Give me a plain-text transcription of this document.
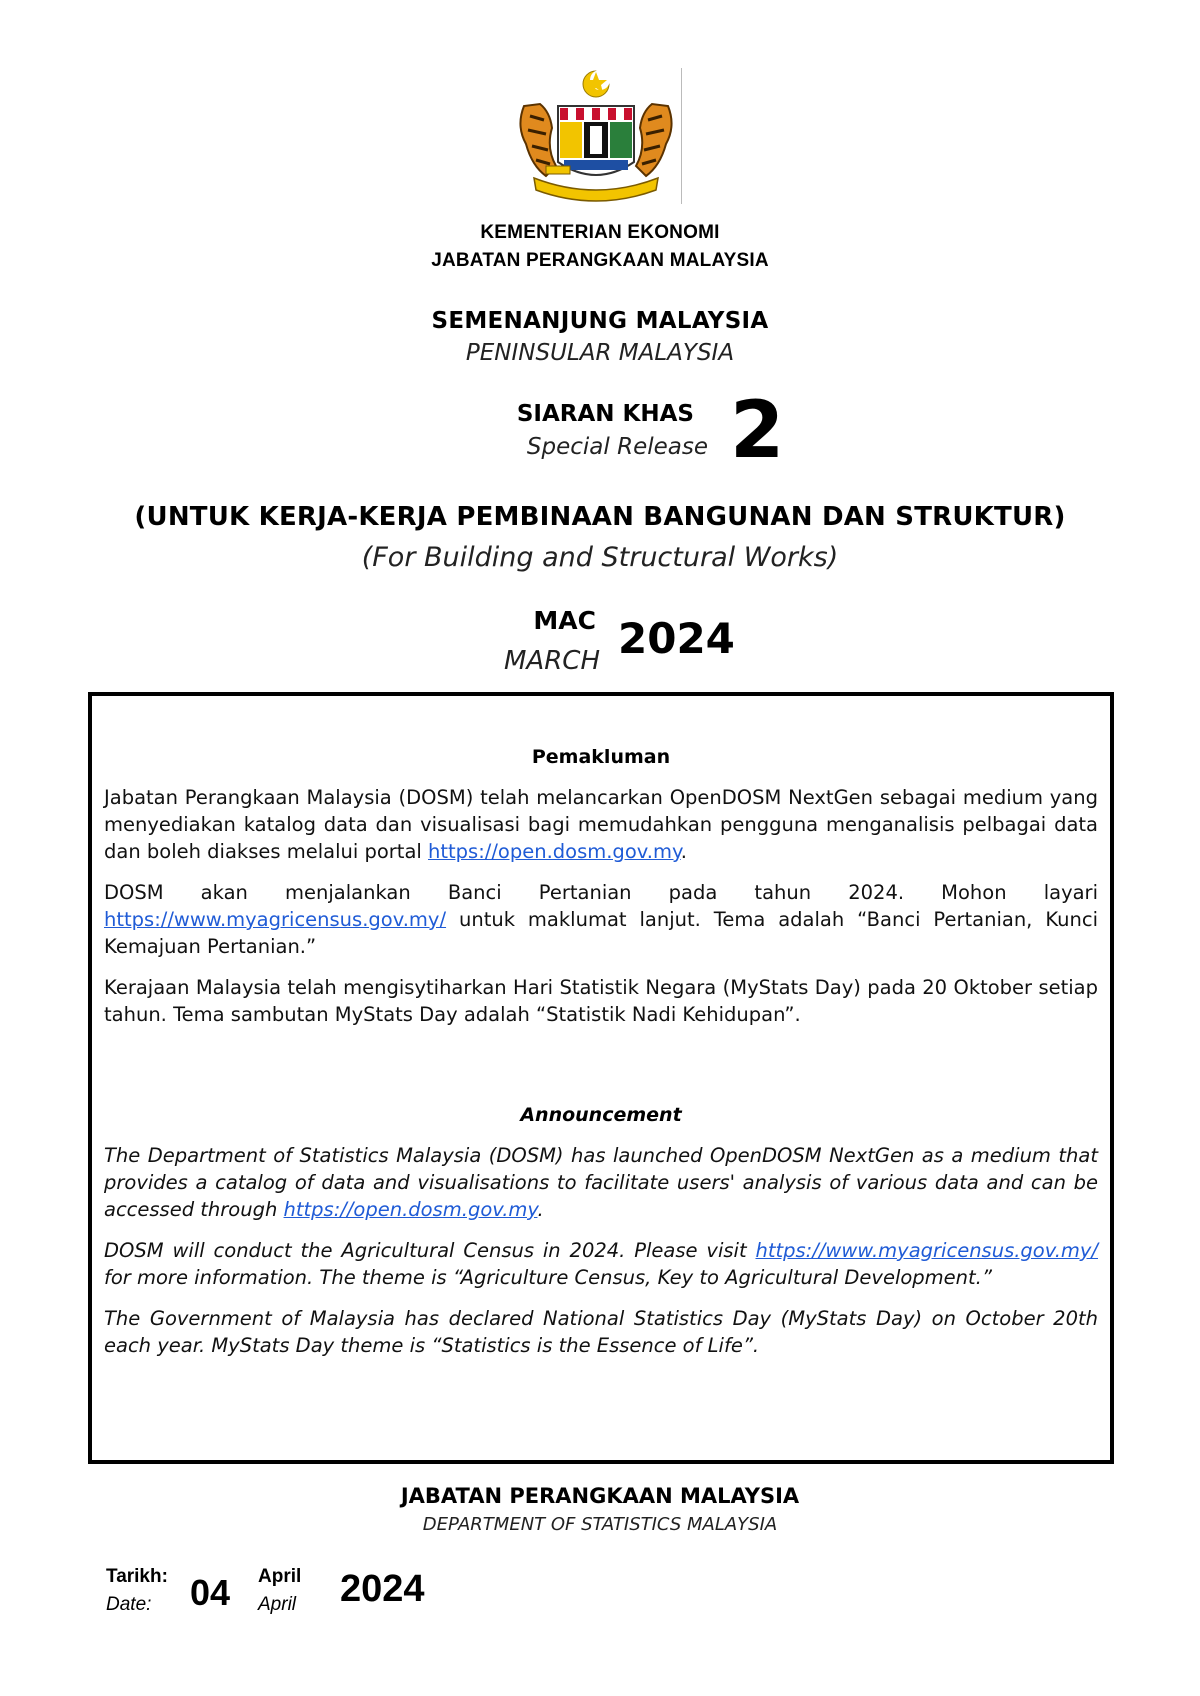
KEMENTERIAN EKONOMI
JABATAN PERANGKAAN MALAYSIA
SEMENANJUNG MALAYSIA
PENINSULAR MALAYSIA
SIARAN KHAS
Special Release 2
(UNTUK KERJA-KERJA PEMBINAAN BANGUNAN DAN STRUKTUR)
(For Building and Structural Works)
MAC
MARCH 2024
Pemakluman

Jabatan Perangkaan Malaysia (DOSM) telah melancarkan OpenDOSM NextGen sebagai medium yang menyediakan katalog data dan visualisasi bagi memudahkan pengguna menganalisis pelbagai data dan boleh diakses melalui portal https://open.dosm.gov.my.

DOSM akan menjalankan Banci Pertanian pada tahun 2024. Mohon layari https://www.myagricensus.gov.my/ untuk maklumat lanjut. Tema adalah “Banci Pertanian, Kunci Kemajuan Pertanian.”

Kerajaan Malaysia telah mengisytiharkan Hari Statistik Negara (MyStats Day) pada 20 Oktober setiap tahun. Tema sambutan MyStats Day adalah “Statistik Nadi Kehidupan”.

Announcement

The Department of Statistics Malaysia (DOSM) has launched OpenDOSM NextGen as a medium that provides a catalog of data and visualisations to facilitate users' analysis of various data and can be accessed through https://open.dosm.gov.my.

DOSM will conduct the Agricultural Census in 2024. Please visit https://www.myagricensus.gov.my/ for more information. The theme is “Agriculture Census, Key to Agricultural Development.”

The Government of Malaysia has declared National Statistics Day (MyStats Day) on October 20th each year. MyStats Day theme is “Statistics is the Essence of Life”.

JABATAN PERANGKAAN MALAYSIA
DEPARTMENT OF STATISTICS MALAYSIA
Tarikh:
Date: 04 April
April 2024
